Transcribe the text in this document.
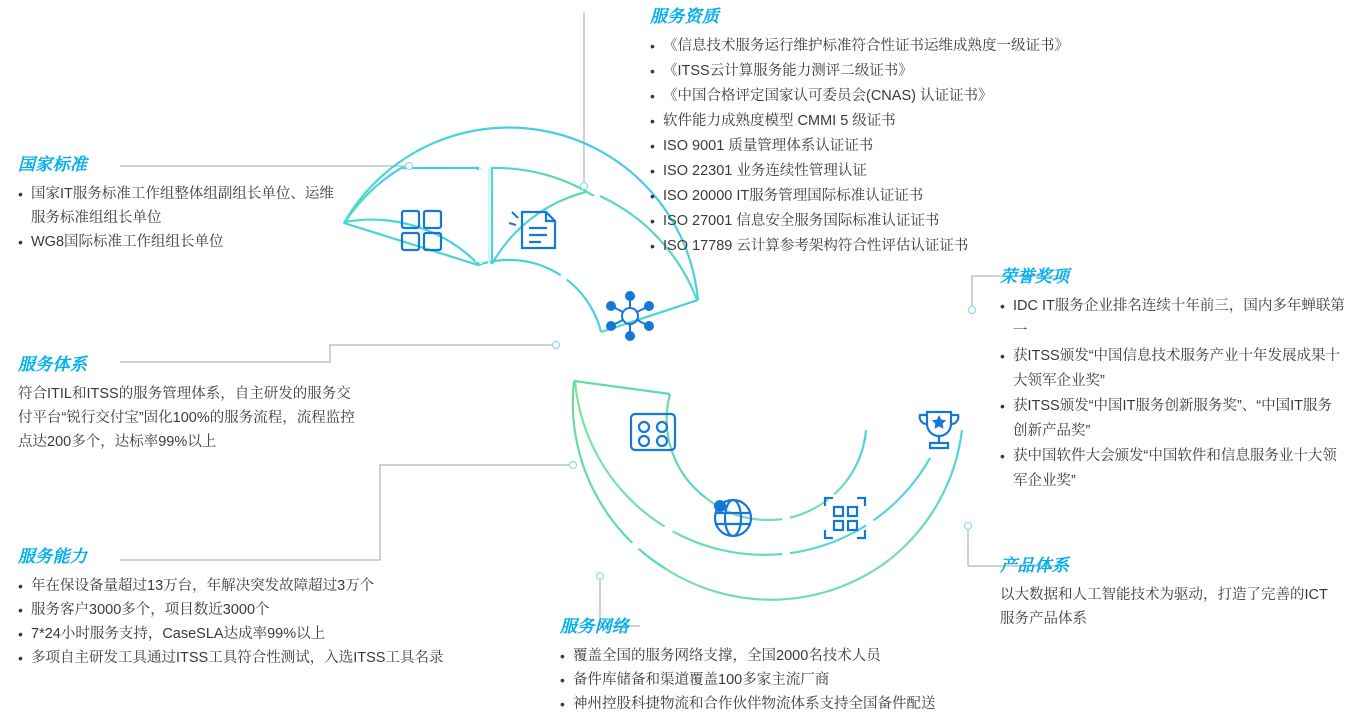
国家标准
• 国家IT服务标准工作组整体组副组长单位、运维服务标准组组长单位
• WG8国际标准工作组组长单位
服务资质
• 《信息技术服务运行维护标准符合性证书运维成熟度一级证书》
• 《ITSS云计算服务能力测评二级证书》
• 《中国合格评定国家认可委员会(CNAS) 认证证书》
• 软件能力成熟度模型 CMMI 5 级证书
• ISO 9001 质量管理体系认证证书
• ISO 22301 业务连续性管理认证
• ISO 20000 IT服务管理国际标准认证证书
• ISO 27001 信息安全服务国际标准认证证书
• ISO 17789 云计算参考架构符合性评估认证证书
荣誉奖项
• IDC IT服务企业排名连续十年前三，国内多年蝉联第一
• 获ITSS颁发“中国信息技术服务产业十年发展成果十大领军企业奖”
• 获ITSS颁发“中国IT服务创新服务奖”、“中国IT服务创新产品奖”
• 获中国软件大会颁发“中国软件和信息服务业十大领军企业奖”
服务体系

符合ITIL和ITSS的服务管理体系，自主研发的服务交付平台“锐行交付宝”固化100%的服务流程，流程监控点达200多个，达标率99%以上

服务能力
• 年在保设备量超过13万台，年解决突发故障超过3万个
• 服务客户3000多个，项目数近3000个
• 7*24小时服务支持，CaseSLA达成率99%以上
• 多项自主研发工具通过ITSS工具符合性测试，入选ITSS工具名录
产品体系

以大数据和人工智能技术为驱动，打造了完善的ICT服务产品体系

服务网络
• 覆盖全国的服务网络支撑，全国2000名技术人员
• 备件库储备和渠道覆盖100多家主流厂商
• 神州控股科捷物流和合作伙伴物流体系支持全国备件配送
